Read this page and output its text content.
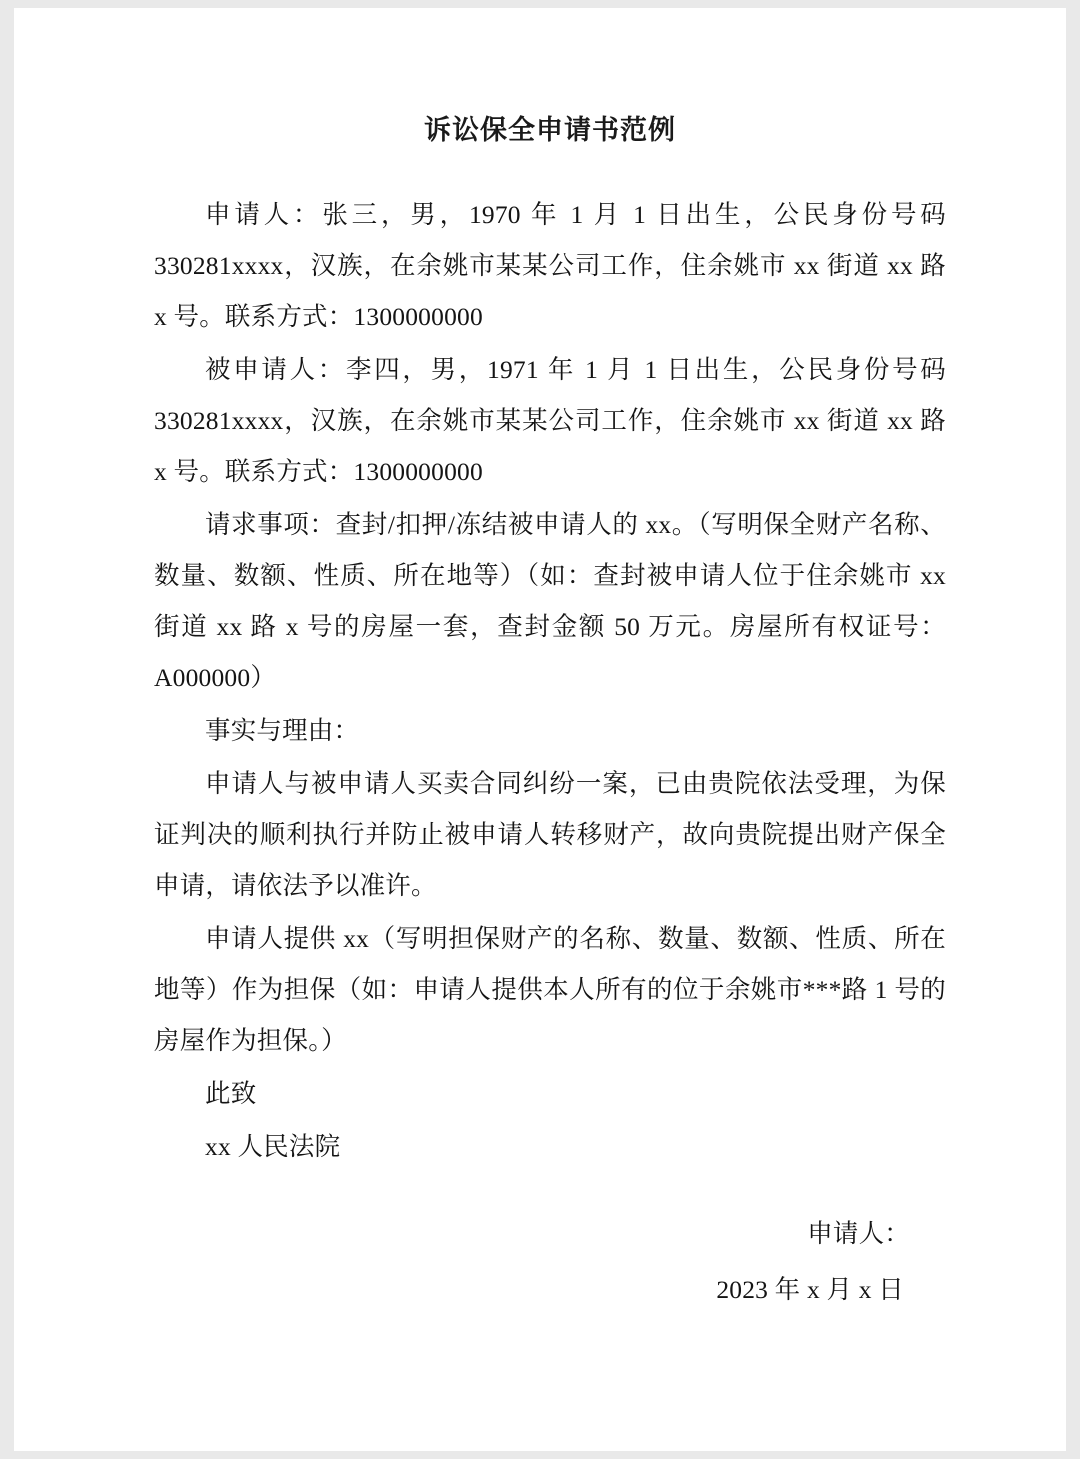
诉讼保全申请书范例

申请人：张三，男，1970 年 1 月 1 日出生，公民身份号码 330281xxxx，汉族，在余姚市某某公司工作，住余姚市 xx 街道 xx 路 x 号。联系方式：1300000000

被申请人：李四，男，1971 年 1 月 1 日出生，公民身份号码 330281xxxx，汉族，在余姚市某某公司工作，住余姚市 xx 街道 xx 路 x 号。联系方式：1300000000

请求事项：查封/扣押/冻结被申请人的 xx。（写明保全财产名称、数量、数额、性质、所在地等）（如：查封被申请人位于住余姚市 xx 街道 xx 路 x 号的房屋一套，查封金额 50 万元。房屋所有权证号：A000000）

事实与理由：

申请人与被申请人买卖合同纠纷一案，已由贵院依法受理，为保证判决的顺利执行并防止被申请人转移财产，故向贵院提出财产保全申请，请依法予以准许。

申请人提供 xx（写明担保财产的名称、数量、数额、性质、所在地等）作为担保（如：申请人提供本人所有的位于余姚市***路 1 号的房屋作为担保。）

此致

xx 人民法院

申请人：
2023 年 x 月 x 日
